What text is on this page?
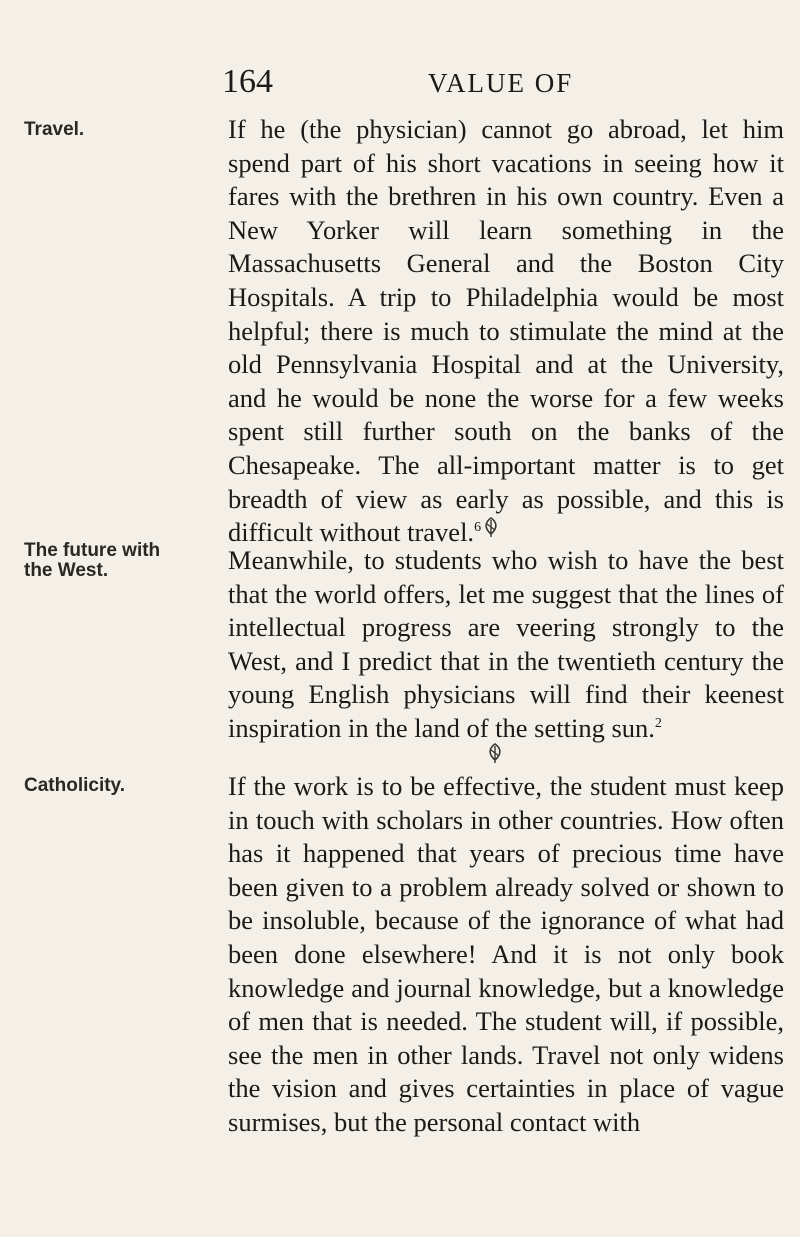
164	VALUE OF
Travel.
The future with the West.
Catholicity.

If he (the physician) cannot go abroad, let him spend part of his short vacations in seeing how it fares with the brethren in his own country. Even a New Yorker will learn something in the Massachusetts General and the Boston City Hospitals. A trip to Philadelphia would be most helpful; there is much to stimulate the mind at the old Pennsylvania Hospital and at the University, and he would be none the worse for a few weeks spent still further south on the banks of the Chesapeake. The all-important matter is to get breadth of view as early as possible, and this is difficult without travel.$^6$

Meanwhile, to students who wish to have the best that the world offers, let me suggest that the lines of intellectual progress are veering strongly to the West, and I predict that in the twentieth century the young English physicians will find their keenest inspiration in the land of the setting sun.$^2$

If the work is to be effective, the student must keep in touch with scholars in other countries. How often has it happened that years of precious time have been given to a problem already solved or shown to be insoluble, because of the ignorance of what had been done elsewhere! And it is not only book knowledge and journal knowledge, but a knowledge of men that is needed. The student will, if possible, see the men in other lands. Travel not only widens the vision and gives certainties in place of vague surmises, but the personal contact with
